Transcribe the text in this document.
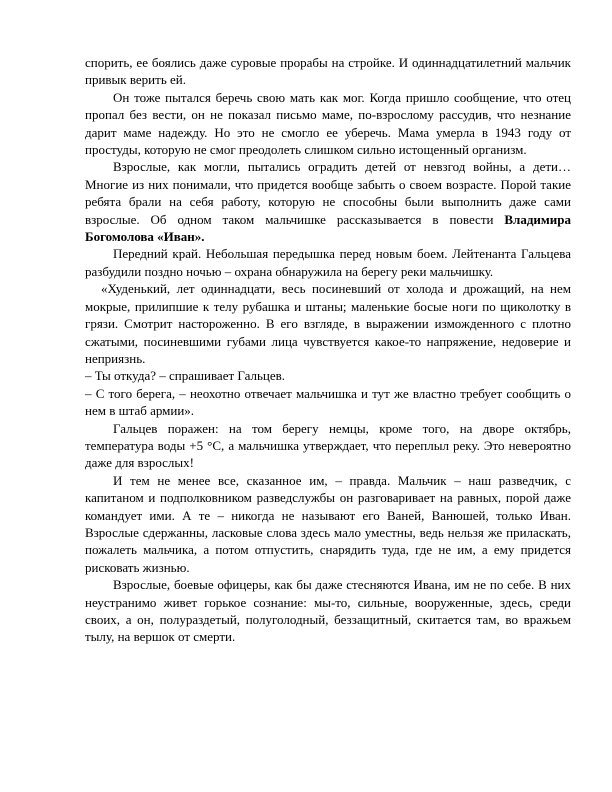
спорить, ее боялись даже суровые прорабы на стройке. И одиннадцатилетний мальчик привык верить ей.

Он тоже пытался беречь свою мать как мог. Когда пришло сообщение, что отец пропал без вести, он не показал письмо маме, по-взрослому рассудив, что незнание дарит маме надежду. Но это не смогло ее уберечь. Мама умерла в 1943 году от простуды, которую не смог преодолеть слишком сильно истощенный организм.

Взрослые, как могли, пытались оградить детей от невзгод войны, а дети… Многие из них понимали, что придется вообще забыть о своем возрасте. Порой такие ребята брали на себя работу, которую не способны были выполнить даже сами взрослые. Об одном таком мальчишке рассказывается в повести Владимира Богомолова «Иван».

Передний край. Небольшая передышка перед новым боем. Лейтенанта Гальцева разбудили поздно ночью – охрана обнаружила на берегу реки мальчишку.

«Худенький, лет одиннадцати, весь посиневший от холода и дрожащий, на нем мокрые, прилипшие к телу рубашка и штаны; маленькие босые ноги по щиколотку в грязи. Смотрит настороженно. В его взгляде, в выражении изможденного с плотно сжатыми, посиневшими губами лица чувствуется какое-то напряжение, недоверие и неприязнь.

– Ты откуда? – спрашивает Гальцев.

– С того берега, – неохотно отвечает мальчишка и тут же властно требует сообщить о нем в штаб армии».

Гальцев поражен: на том берегу немцы, кроме того, на дворе октябрь, температура воды +5 °С, а мальчишка утверждает, что переплыл реку. Это невероятно даже для взрослых!

И тем не менее все, сказанное им, – правда. Мальчик – наш разведчик, с капитаном и подполковником разведслужбы он разговаривает на равных, порой даже командует ими. А те – никогда не называют его Ваней, Ванюшей, только Иван. Взрослые сдержанны, ласковые слова здесь мало уместны, ведь нельзя же приласкать, пожалеть мальчика, а потом отпустить, снарядить туда, где не им, а ему придется рисковать жизнью.

Взрослые, боевые офицеры, как бы даже стесняются Ивана, им не по себе. В них неустранимо живет горькое сознание: мы-то, сильные, вооруженные, здесь, среди своих, а он, полураздетый, полуголодный, беззащитный, скитается там, во вражьем тылу, на вершок от смерти.
